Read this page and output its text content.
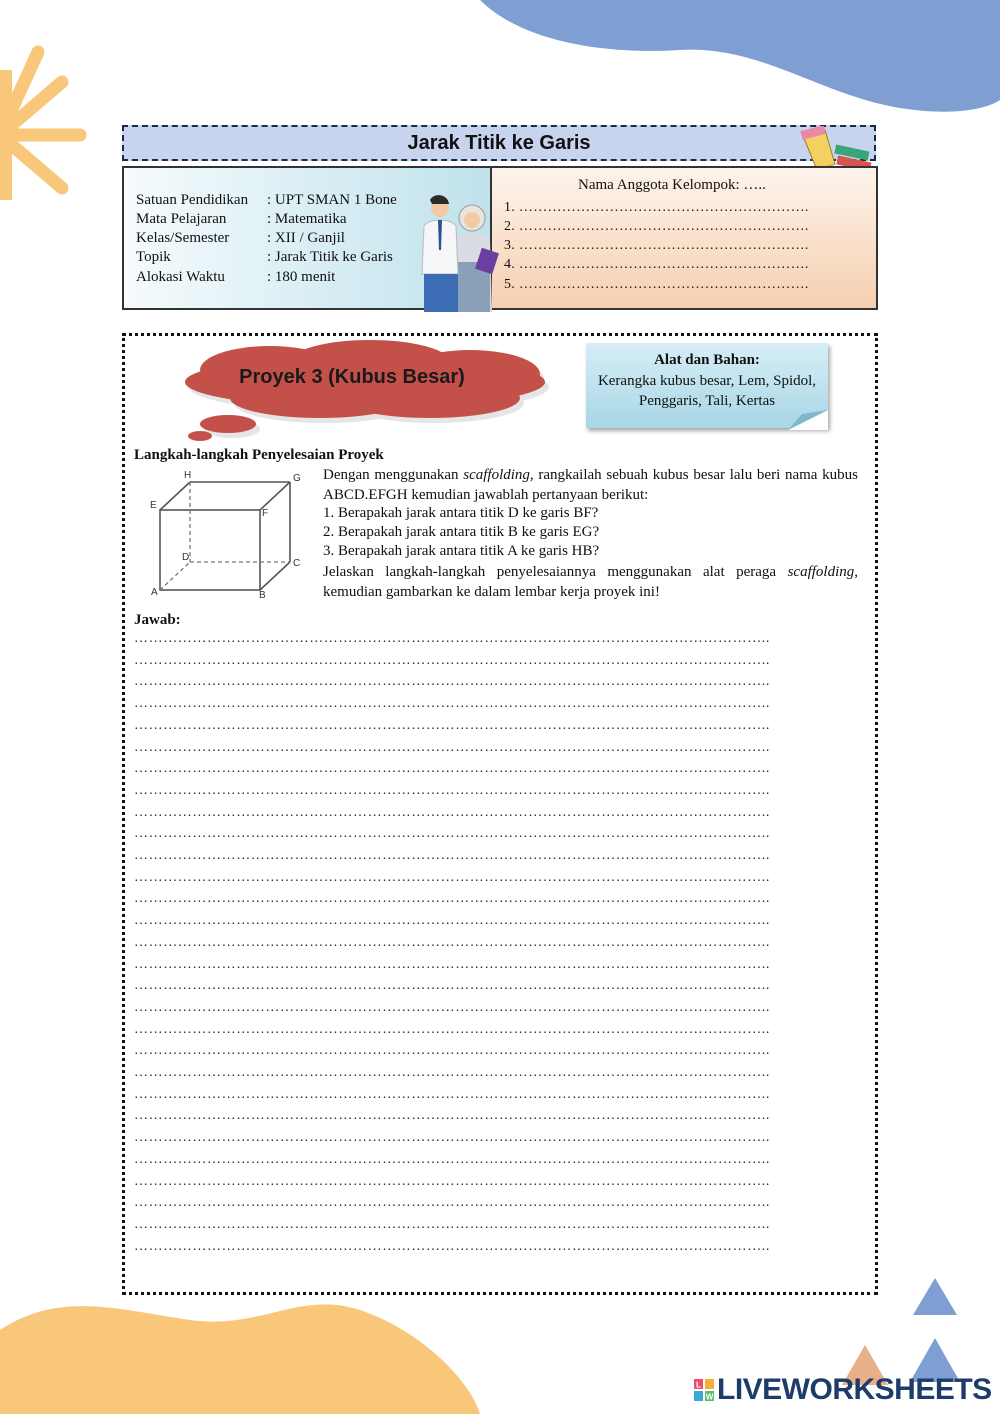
Jarak Titik ke Garis
Satuan Pendidikan : UPT SMAN 1 Bone
Mata Pelajaran	: Matematika
Kelas/Semester	: XII / Ganjil
Topik	: Jarak Titik ke Garis
Alokasi Waktu	: 180 menit
Nama Anggota Kelompok: …..
1. …………………………………………………….
2. …………………………………………………….
3. …………………………………………………….
4. …………………………………………………….
5. …………………………………………………….
Proyek 3 (Kubus Besar)
Alat dan Bahan:
Kerangka kubus besar, Lem, Spidol, Penggaris, Tali, Kertas
Langkah-langkah Penyelesaian Proyek
H	G
E
F
D
C
A	B
Dengan menggunakan scaffolding, rangkailah sebuah kubus besar lalu beri nama kubus ABCD.EFGH kemudian jawablah pertanyaan berikut:
1. Berapakah jarak antara titik D ke garis BF?
2. Berapakah jarak antara titik B ke garis EG?
3. Berapakah jarak antara titik A ke garis HB?
Jelaskan langkah-langkah penyelesaiannya menggunakan alat peraga scaffolding, kemudian gambarkan ke dalam lembar kerja proyek ini!
Jawab:
…………………………………………………………………………………………………………………..
…………………………………………………………………………………………………………………..
…………………………………………………………………………………………………………………..
…………………………………………………………………………………………………………………..
…………………………………………………………………………………………………………………..
…………………………………………………………………………………………………………………..
…………………………………………………………………………………………………………………..
…………………………………………………………………………………………………………………..
…………………………………………………………………………………………………………………..
…………………………………………………………………………………………………………………..
…………………………………………………………………………………………………………………..
…………………………………………………………………………………………………………………..
…………………………………………………………………………………………………………………..
…………………………………………………………………………………………………………………..
…………………………………………………………………………………………………………………..
…………………………………………………………………………………………………………………..
…………………………………………………………………………………………………………………..
…………………………………………………………………………………………………………………..
…………………………………………………………………………………………………………………..
…………………………………………………………………………………………………………………..
…………………………………………………………………………………………………………………..
…………………………………………………………………………………………………………………..
…………………………………………………………………………………………………………………..
…………………………………………………………………………………………………………………..
…………………………………………………………………………………………………………………..
…………………………………………………………………………………………………………………..
…………………………………………………………………………………………………………………..
…………………………………………………………………………………………………………………..
…………………………………………………………………………………………………………………..
L
W LIVEWORKSHEETS
